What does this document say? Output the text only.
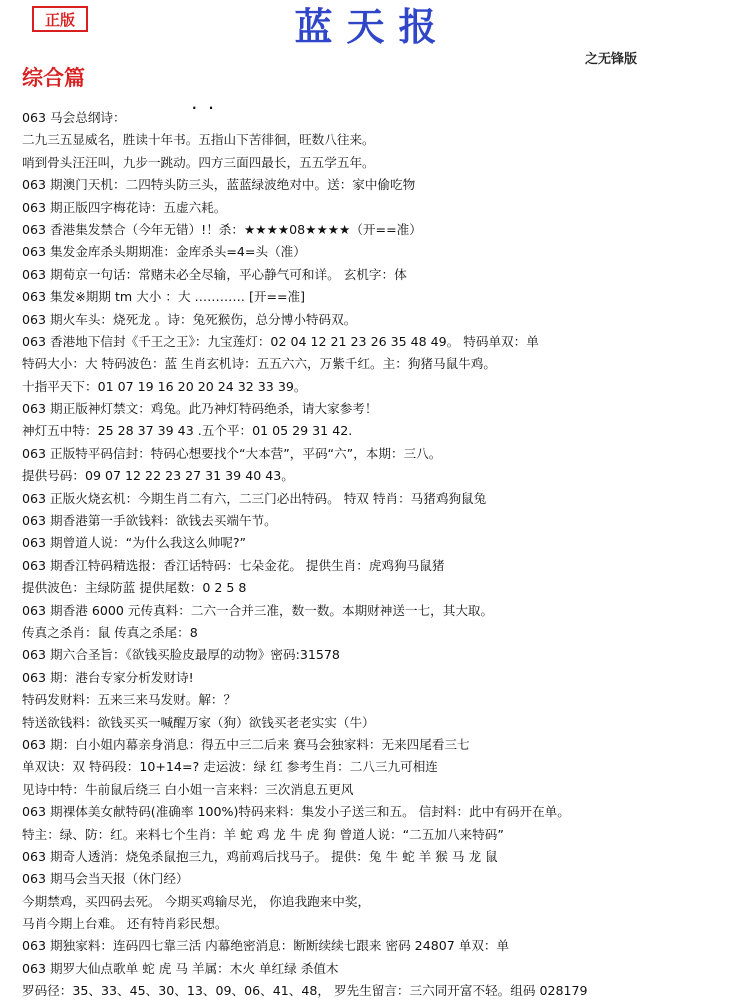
正版	蓝天报
之无锋版
综合篇
. .
063 马会总纲诗：
二九三五显威名，胜读十年书。五指山下苦徘徊，旺数八往来。
哨到骨头汪汪叫，九步一跳动。四方三面四最长，五五学五年。
063 期澳门天机：二四特头防三头，蓝蓝绿波绝对中。送：家中偷吃物
063 期正版四字梅花诗：五虚六耗。
063 香港集发禁合（今年无错）!！杀：★★★★08★★★★（开==准）
063 集发金库杀头期期准：金库杀头=4=头（准）
063 期荀京一句话：常赌未必全尽输，平心静气可和详。 玄机字：体
063 集发※期期 tm 大小 ：大 ………… [开==准]
063 期火车头：烧死龙 。诗：兔死猴伤，总分博小特码双。
063 香港地下信封《千王之王》：九宝莲灯：02 04 12 21 23 26 35 48 49。 特码单双：单
特码大小：大 特码波色：蓝 生肖玄机诗：五五六六，万紫千红。主：狗猪马鼠牛鸡。
十指平天下：01 07 19 16 20 20 24 32 33 39。
063 期正版神灯禁文：鸡兔。此乃神灯特码绝杀，请大家参考！
神灯五中特：25 28 37 39 43 .五个平：01 05 29 31 42.
063 正版特平码信封：特码心想要找个“大本营”，平码“六”，本期：三八。
提供号码：09 07 12 22 23 27 31 39 40 43。
063 正版火烧玄机：今期生肖二有六，二三门必出特码。 特双 特肖：马猪鸡狗鼠兔
063 期香港第一手欲钱料：欲钱去买端午节。
063 期曾道人说：“为什么我这么帅呢?”
063 期香江特码精选报：香江话特码：七朵金花。 提供生肖：虎鸡狗马鼠猪
提供波色：主绿防蓝 提供尾数：0 2 5 8
063 期香港 6000 元传真料：二六一合并三准，数一数。本期财神送一七，其大取。
传真之杀肖：鼠 传真之杀尾：8
063 期六合圣旨：《欲钱买脸皮最厚的动物》密码:31578
063 期：港台专家分析发财诗!
特码发财料：五来三来马发财。解：？
特送欲钱料：欲钱买买一喊醒万家（狗）欲钱买老老实实（牛）
063 期：白小姐内幕亲身消息：得五中三二后来 赛马会独家料：无来四尾看三七
单双诀：双 特码段：10+14=? 走运波：绿 红 参考生肖：二八三九可相连
见诗中特：牛前鼠后绕三 白小姐一言来料：三次消息五更风
063 期裸体美女献特码(准确率 100%)特码来料：集发小子送三和五。 信封料：此中有码开在单。
特主：绿、防：红。来料七个生肖：羊 蛇 鸡 龙 牛 虎 狗 曾道人说：“二五加八来特码”
063 期奇人透消：烧兔杀鼠抱三九，鸡前鸡后找马子。 提供：兔 牛 蛇 羊 猴 马 龙 鼠
063 期马会当天报（休门经）
今期禁鸡，买四码去死。 今期买鸡输尽光， 你追我跑来中奖，
马肖今期上台难。 还有特肖彩民想。
063 期独家料：连码四七靠三活 内幕绝密消息：断断续续七跟来 密码 24807 单双：单
063 期罗大仙点歌单 蛇 虎 马 羊属：木火 单红绿 杀值木
罗码径：35、33、45、30、13、09、06、41、48， 罗先生留言：三六同开富不轻。组码 028179
